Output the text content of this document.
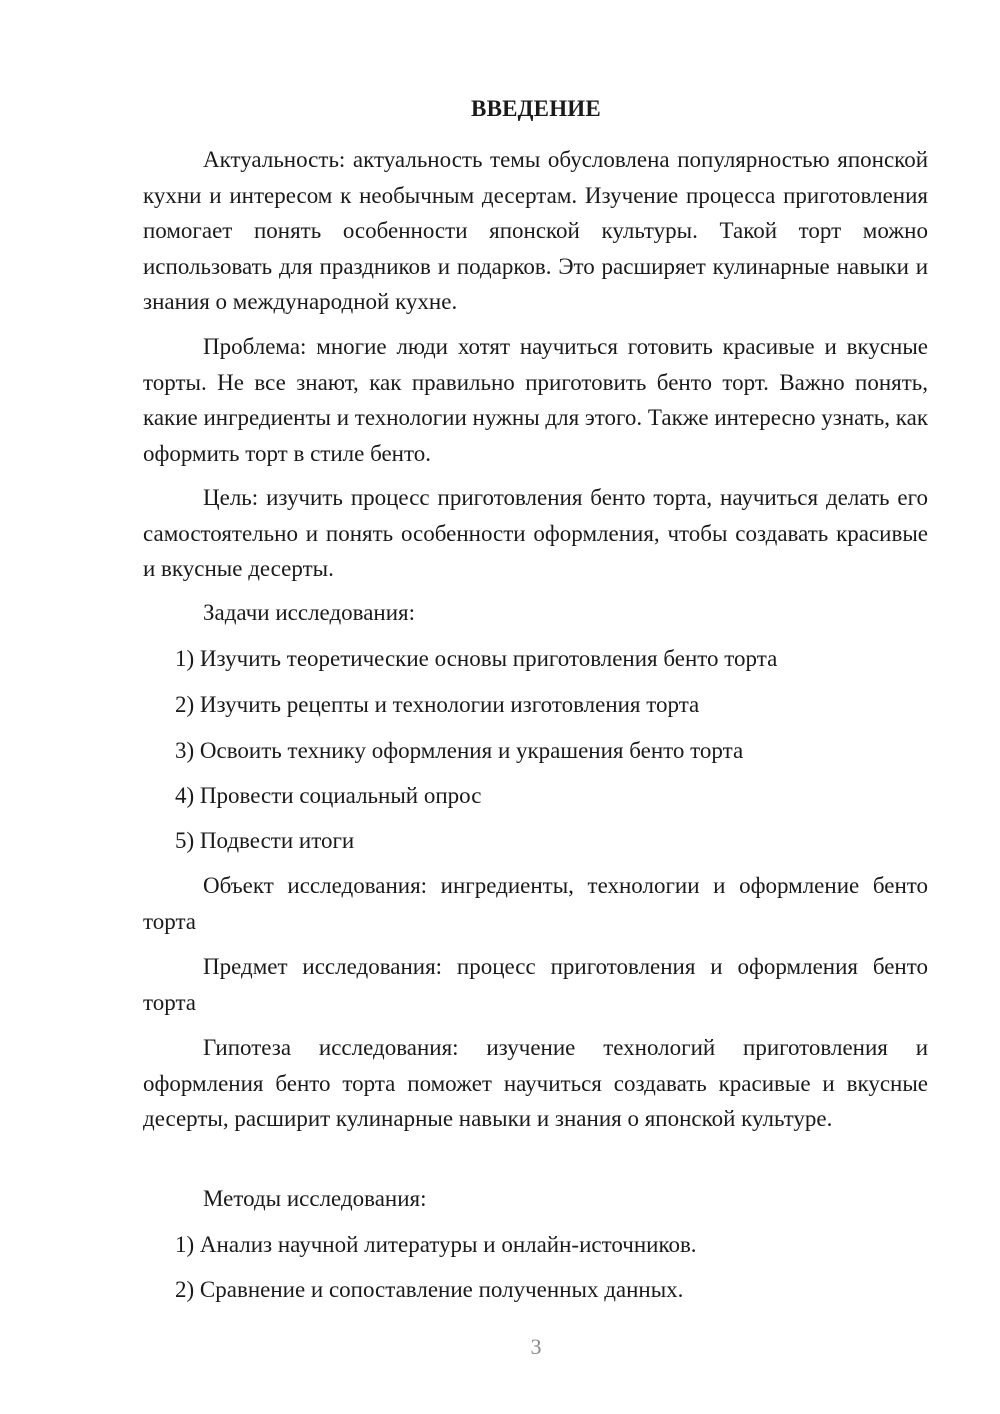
ВВЕДЕНИЕ
Актуальность: актуальность темы обусловлена популярностью японской кухни и интересом к необычным десертам. Изучение процесса приготовления помогает понять особенности японской культуры. Такой торт можно использовать для праздников и подарков. Это расширяет кулинарные навыки и знания о международной кухне.
Проблема: многие люди хотят научиться готовить красивые и вкусные торты. Не все знают, как правильно приготовить бенто торт. Важно понять, какие ингредиенты и технологии нужны для этого. Также интересно узнать, как оформить торт в стиле бенто.
Цель: изучить процесс приготовления бенто торта, научиться делать его самостоятельно и понять особенности оформления, чтобы создавать красивые и вкусные десерты.
Задачи исследования:
1) Изучить теоретические основы приготовления бенто торта
2) Изучить рецепты и технологии изготовления торта
3) Освоить технику оформления и украшения бенто торта
4) Провести социальный опрос
5) Подвести итоги
Объект исследования: ингредиенты, технологии и оформление бенто торта
Предмет исследования: процесс приготовления и оформления бенто торта
Гипотеза исследования: изучение технологий приготовления и оформления бенто торта поможет научиться создавать красивые и вкусные десерты, расширит кулинарные навыки и знания о японской культуре.
Методы исследования:
1) Анализ научной литературы и онлайн-источников.
2) Сравнение и сопоставление полученных данных.
3
